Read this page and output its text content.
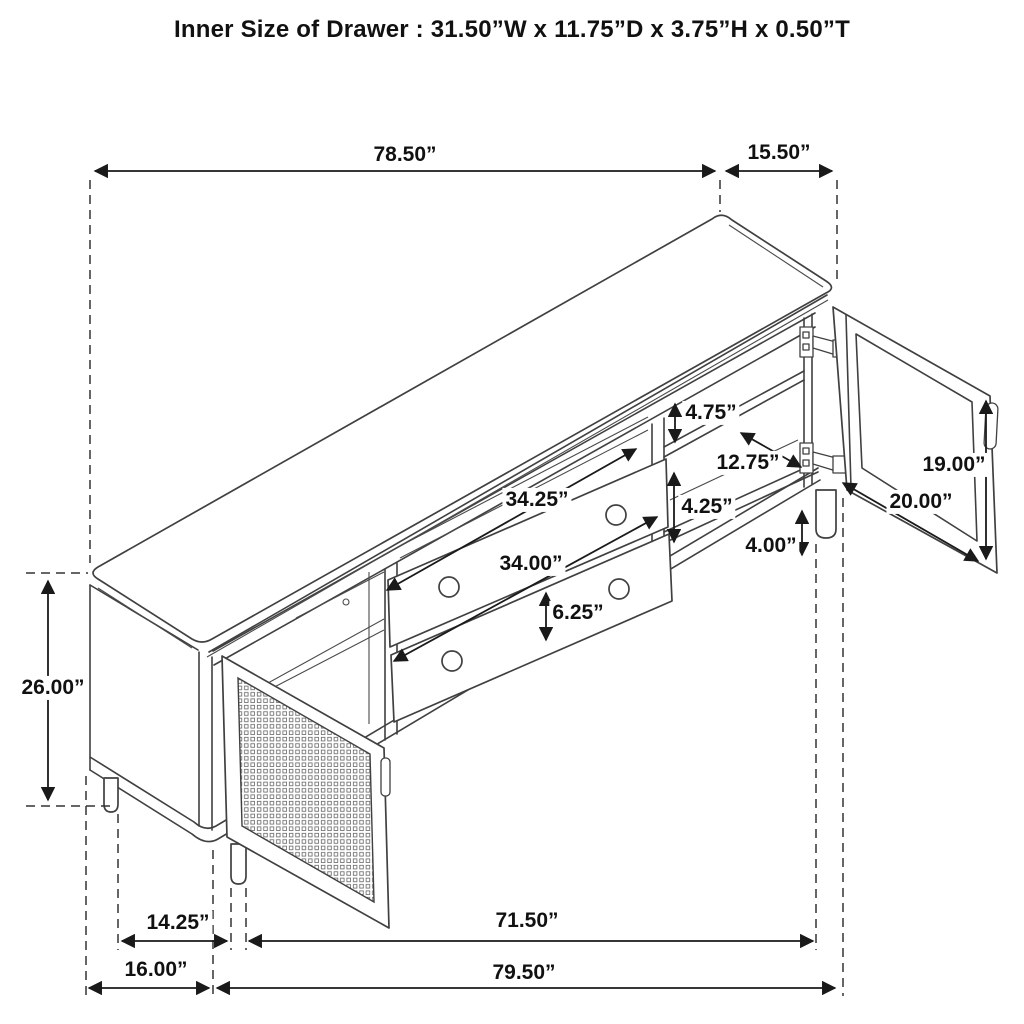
Inner Size of Drawer : 31.50”W x 11.75”D x 3.75”H x 0.50”T
78.50”	15.50”
26.00”
4.75”
12.75”
4.25”
4.00”
19.00”
20.00”
34.25”
34.00”
6.25”
14.25”	71.50”
16.00”	79.50”
